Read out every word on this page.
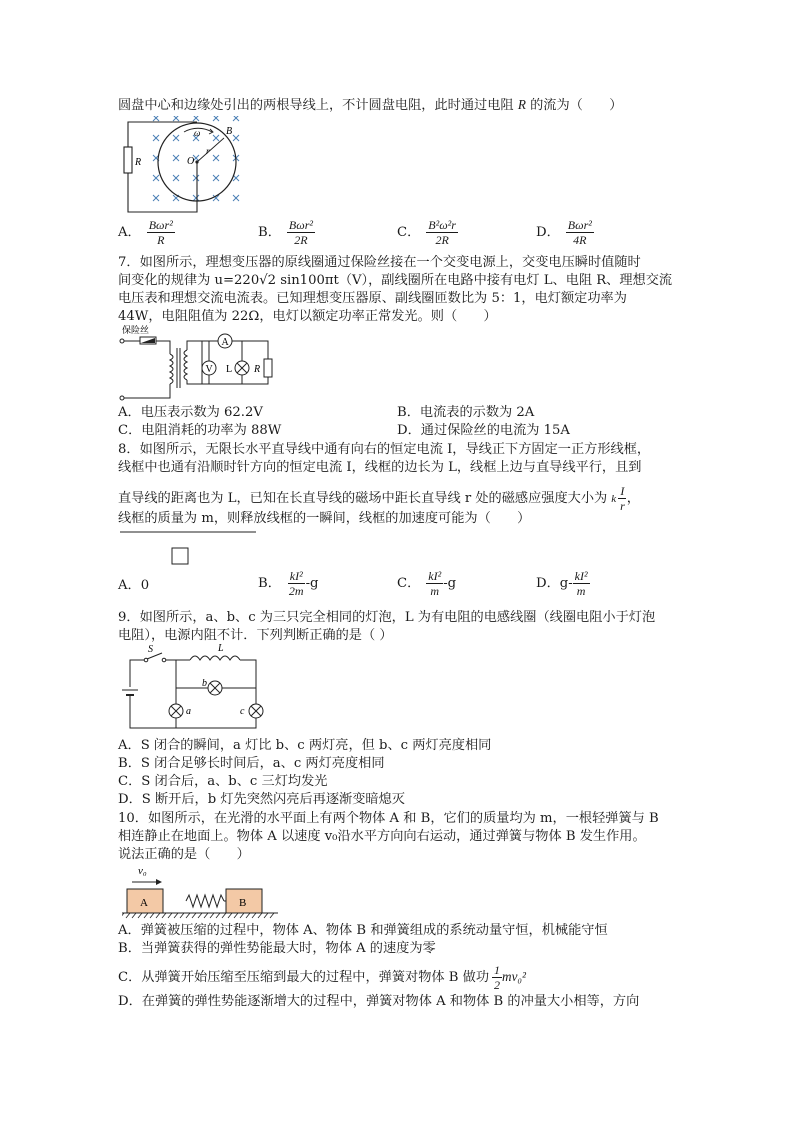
圆盘中心和边缘处引出的两根导线上，不计圆盘电阻，此时通过电阻 R 的流为（　　）
R
B
ω
O
r
A． $\frac{\text{Bωr²}}{R}$	B． $\frac{\text{Bωr²}}{2R}$	C． $\frac{\text{B²ω²r}}{2R}$	D． $\frac{\text{Bωr²}}{4R}$
7．如图所示，理想变压器的原线圈通过保险丝接在一个交变电源上，交变电压瞬时值随时
间变化的规律为 u=220√2 sin100πt（V），副线圈所在电路中接有电灯 L、电阻 R、理想交流
电压表和理想交流电流表。已知理想变压器原、副线圈匝数比为 5：1，电灯额定功率为
44W，电阻阻值为 22Ω，电灯以额定功率正常发光。则（　　）
保险丝
A
V L R
A．电压表示数为 62.2V	B．电流表的示数为 2A
C．电阻消耗的功率为 88W	D．通过保险丝的电流为 15A
8．如图所示，无限长水平直导线中通有向右的恒定电流 I，导线正下方固定一正方形线框，
线框中也通有沿顺时针方向的恒定电流 I，线框的边长为 L，线框上边与直导线平行，且到
直导线的距离也为 L，已知在长直导线的磁场中距长直导线 r 处的磁感应强度大小为 k $\frac{I}{r}$ ，
线框的质量为 m，则释放线框的一瞬间，线框的加速度可能为（　　）
A．0	B． $\frac{\text{kI²}}{2m} -g$	C． $\frac{\text{kI²}}{m} -g$	D．$g- \frac{\text{kI²}}{m}$
9．如图所示，a、b、c 为三只完全相同的灯泡，L 为有电阻的电感线圈（线圈电阻小于灯泡
电阻），电源内阻不计．下列判断正确的是（ ）
S	L
b
a	c
A．S 闭合的瞬间，a 灯比 b、c 两灯亮，但 b、c 两灯亮度相同
B．S 闭合足够长时间后，a、c 两灯亮度相同
C．S 闭合后，a、b、c 三灯均发光
D．S 断开后，b 灯先突然闪亮后再逐渐变暗熄灭
10．如图所示，在光滑的水平面上有两个物体 A 和 B，它们的质量均为 m，一根轻弹簧与 B
相连静止在地面上。物体 A 以速度 v₀沿水平方向向右运动，通过弹簧与物体 B 发生作用。
说法正确的是（　　）
v₀
A	B
A．弹簧被压缩的过程中，物体 A、物体 B 和弹簧组成的系统动量守恒，机械能守恒
B．当弹簧获得的弹性势能最大时，物体 A 的速度为零
C．从弹簧开始压缩至压缩到最大的过程中，弹簧对物体 B 做功 $\frac{1}{2} mv_0^2$
D．在弹簧的弹性势能逐渐增大的过程中，弹簧对物体 A 和物体 B 的冲量大小相等，方向
